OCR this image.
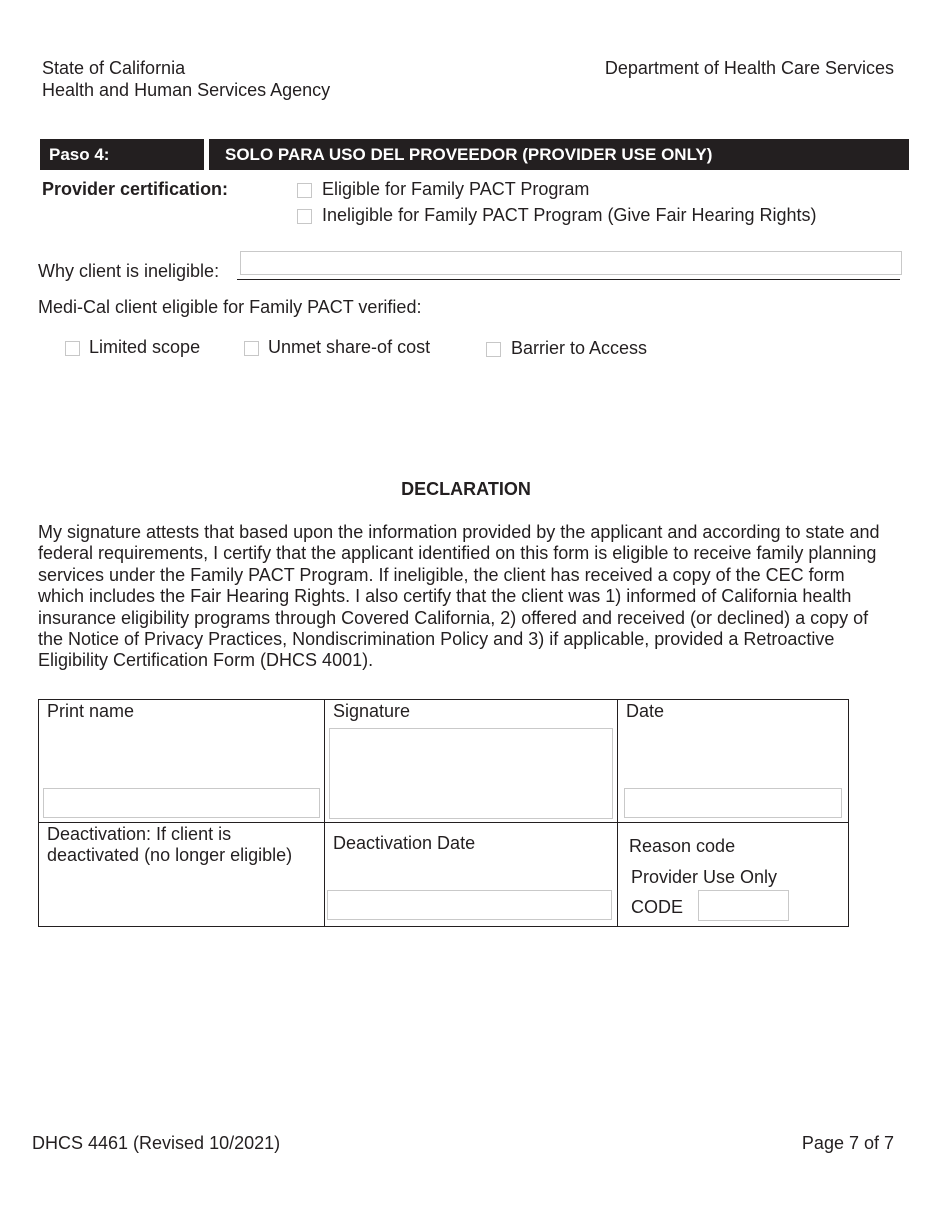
State of California
Health and Human Services Agency
Department of Health Care Services
Paso 4:	SOLO PARA USO DEL PROVEEDOR (PROVIDER USE ONLY)
Provider certification:	Eligible for Family PACT Program
Ineligible for Family PACT Program (Give Fair Hearing Rights)
Why client is ineligible:
Medi-Cal client eligible for Family PACT verified:
Limited scope	Unmet share-of cost	Barrier to Access
DECLARATION
My signature attests that based upon the information provided by the applicant and according to state and federal requirements, I certify that the applicant identified on this form is eligible to receive family planning services under the Family PACT Program. If ineligible, the client has received a copy of the CEC form which includes the Fair Hearing Rights. I also certify that the client was 1) informed of California health insurance eligibility programs through Covered California, 2) offered and received (or declined) a copy of the Notice of Privacy Practices, Nondiscrimination Policy and 3) if applicable, provided a Retroactive Eligibility Certification Form (DHCS 4001).
Print name	Signature	Date
Deactivation: If client is
deactivated (no longer eligible)
Deactivation Date	Reason code
Provider Use Only
CODE
DHCS 4461 (Revised 10/2021)	Page 7 of 7
